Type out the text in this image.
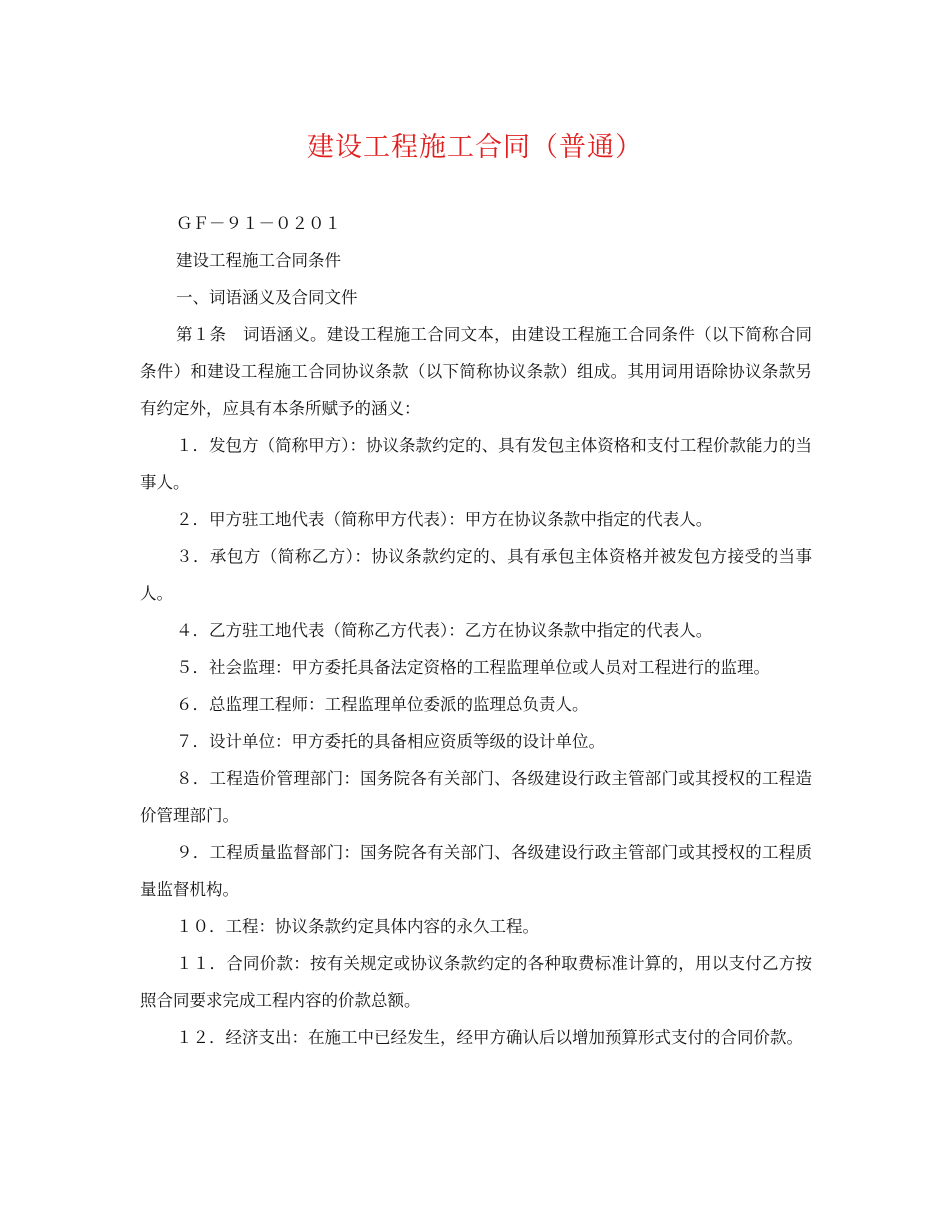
建设工程施工合同（普通）

ＧＦ－９１－０２０１

建设工程施工合同条件

一、词语涵义及合同文件

第１条　词语涵义。建设工程施工合同文本，由建设工程施工合同条件（以下简称合同条件）和建设工程施工合同协议条款（以下简称协议条款）组成。其用词用语除协议条款另有约定外，应具有本条所赋予的涵义：

１．发包方（简称甲方）：协议条款约定的、具有发包主体资格和支付工程价款能力的当事人。

２．甲方驻工地代表（简称甲方代表）：甲方在协议条款中指定的代表人。

３．承包方（简称乙方）：协议条款约定的、具有承包主体资格并被发包方接受的当事人。

４．乙方驻工地代表（简称乙方代表）：乙方在协议条款中指定的代表人。

５．社会监理：甲方委托具备法定资格的工程监理单位或人员对工程进行的监理。

６．总监理工程师：工程监理单位委派的监理总负责人。

７．设计单位：甲方委托的具备相应资质等级的设计单位。

８．工程造价管理部门：国务院各有关部门、各级建设行政主管部门或其授权的工程造价管理部门。

９．工程质量监督部门：国务院各有关部门、各级建设行政主管部门或其授权的工程质量监督机构。

１０．工程：协议条款约定具体内容的永久工程。

１１．合同价款：按有关规定或协议条款约定的各种取费标准计算的，用以支付乙方按照合同要求完成工程内容的价款总额。

１２．经济支出：在施工中已经发生，经甲方确认后以增加预算形式支付的合同价款。
